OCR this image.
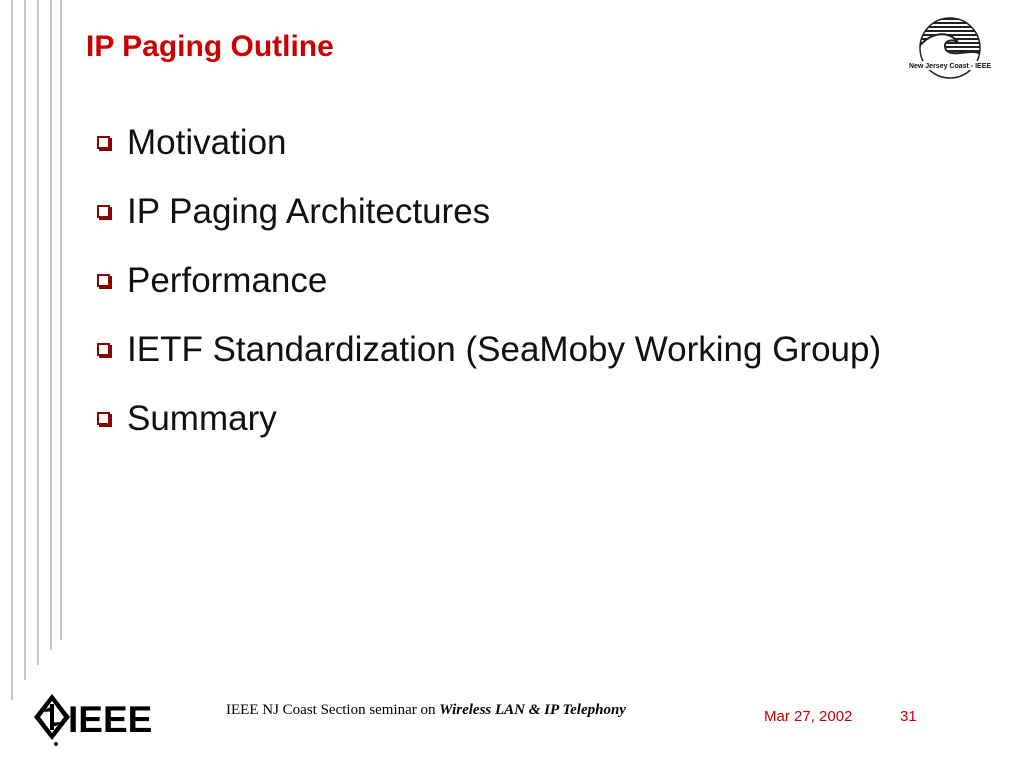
IP Paging Outline
New Jersey Coast - IEEE
Motivation
IP Paging Architectures
Performance
IETF Standardization (SeaMoby Working Group)
Summary
IEEE	IEEE NJ Coast Section seminar on Wireless LAN & IP Telephony	Mar 27, 2002	31
